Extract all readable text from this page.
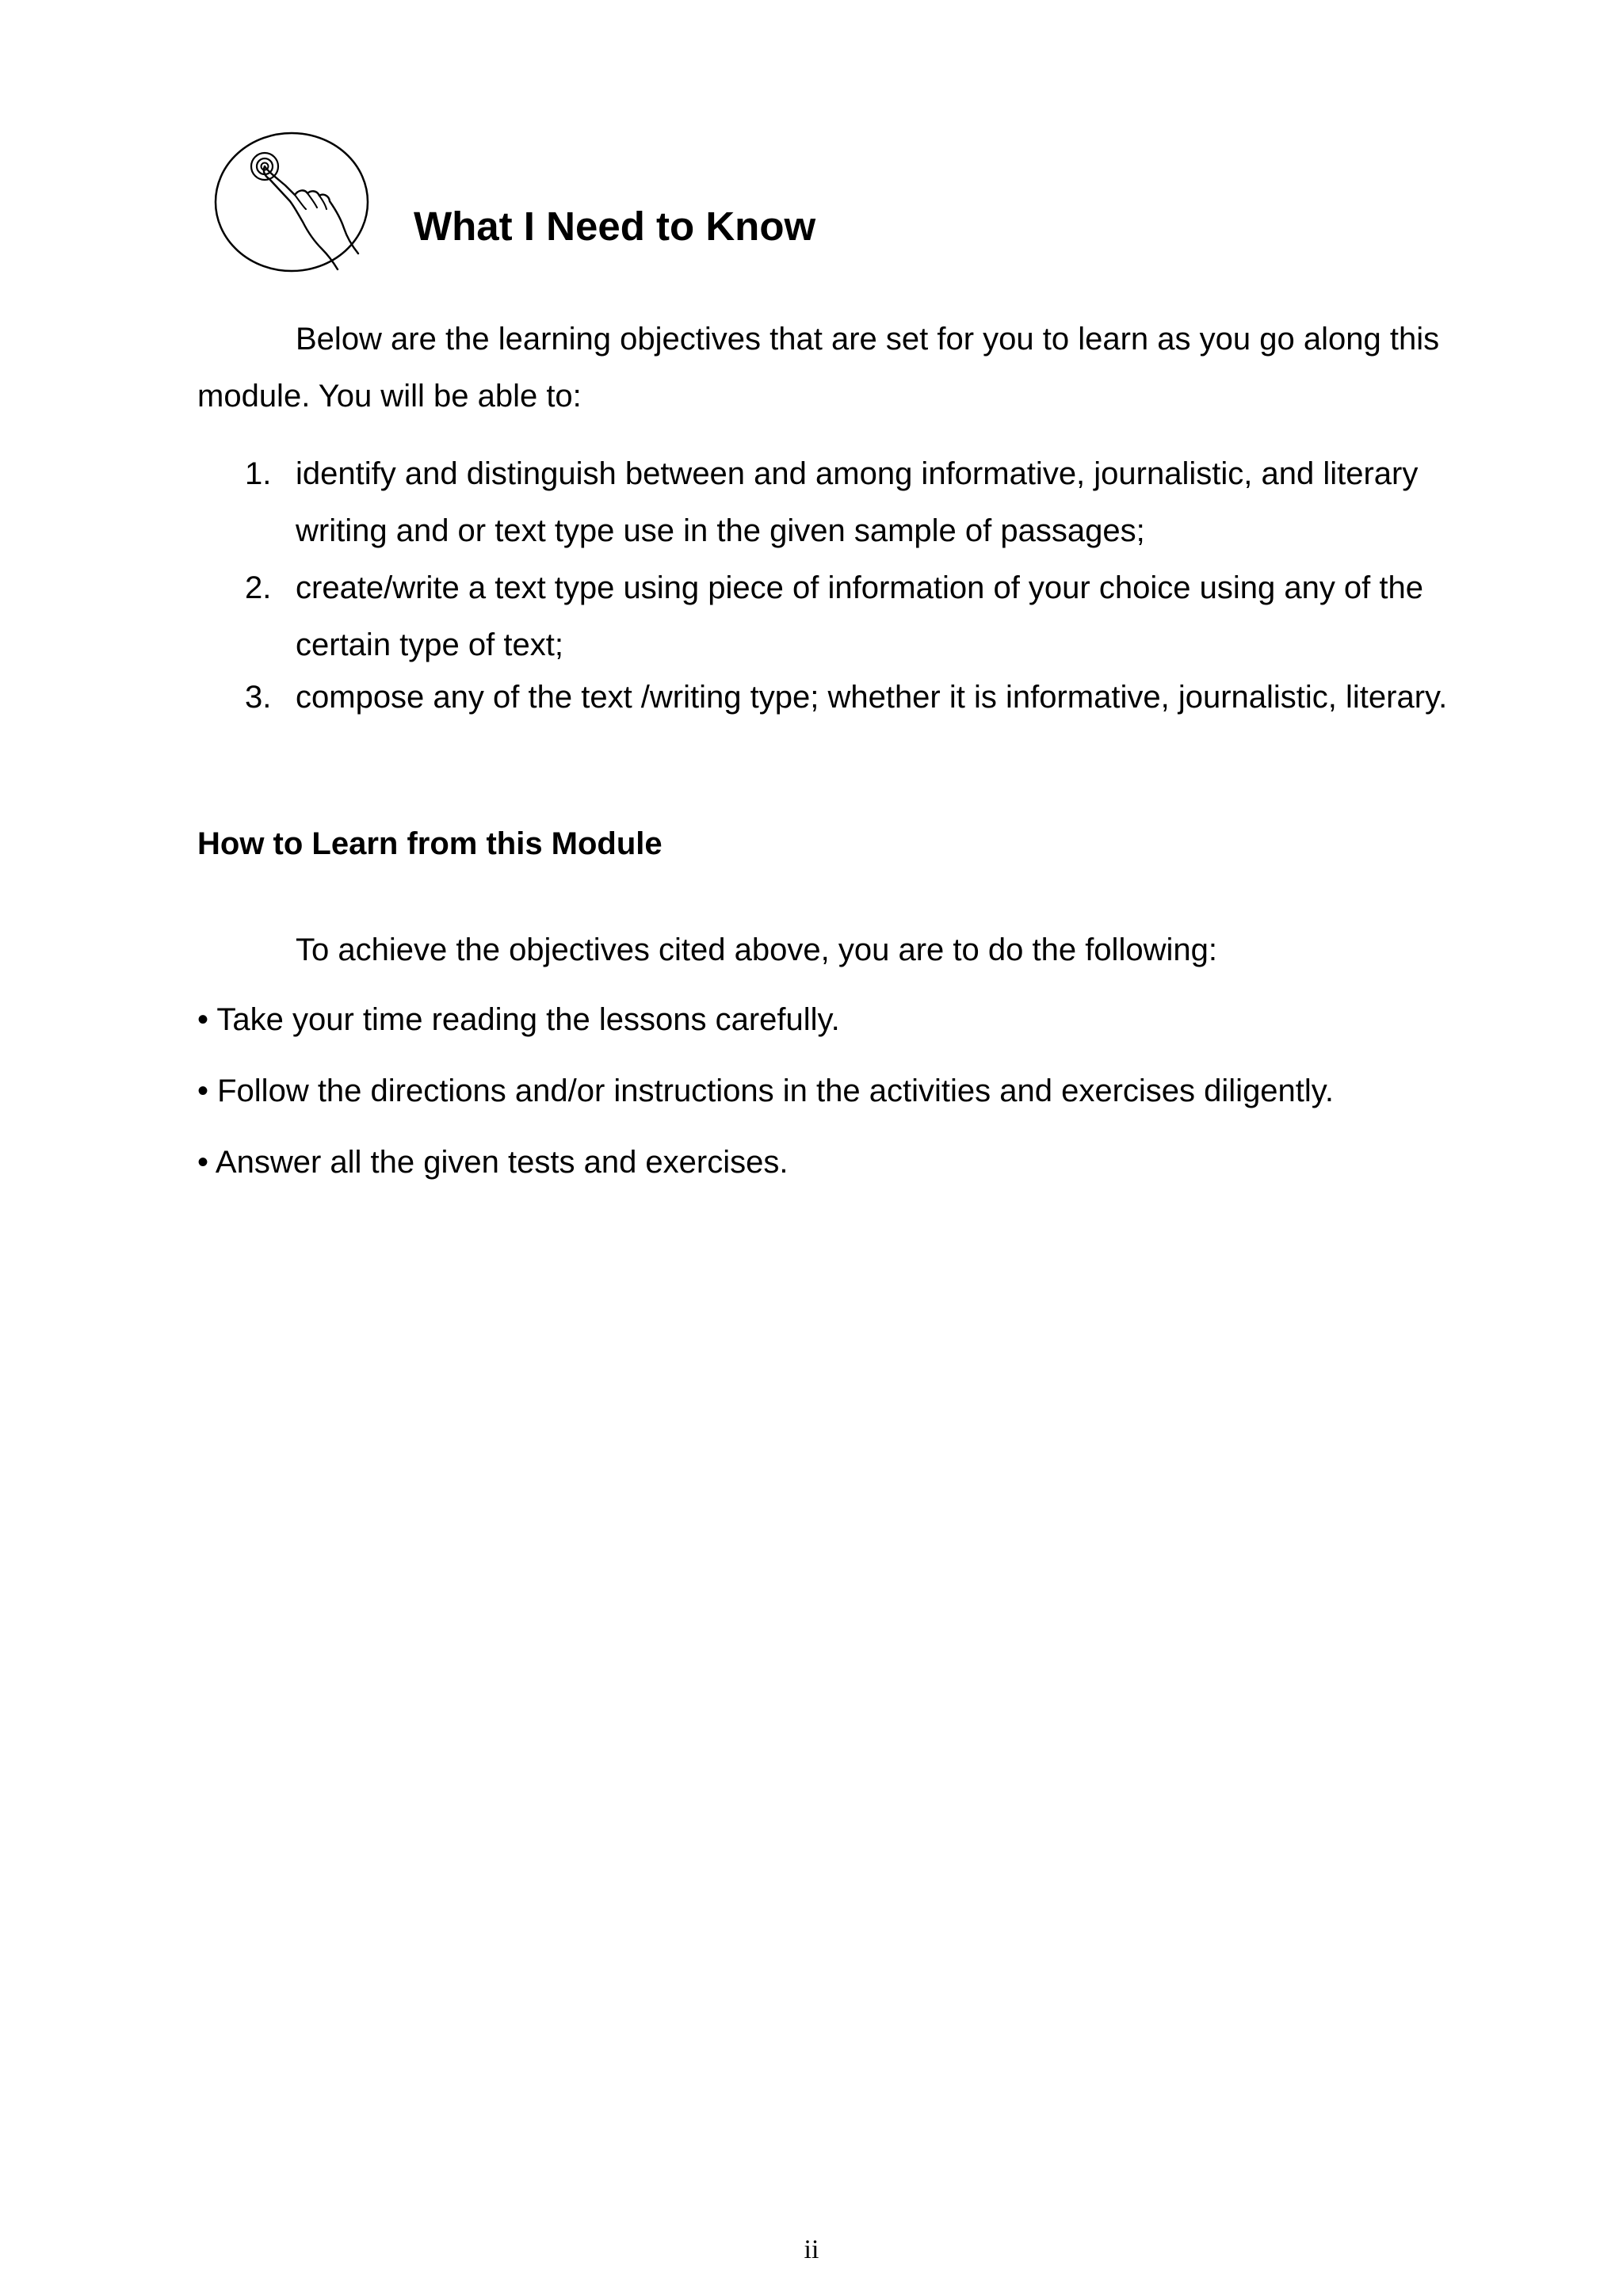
What I Need to Know

Below are the learning objectives that are set for you to learn as you go along this module. You will be able to:

1. identify and distinguish between and among informative, journalistic, and literary writing and or text type use in the given sample of passages;
2. create/write a text type using piece of information of your choice using any of the certain type of text;
3. compose any of the text /writing type; whether it is informative, journalistic, literary.
How to Learn from this Module

To achieve the objectives cited above, you are to do the following:

• Take your time reading the lessons carefully.
• Follow the directions and/or instructions in the activities and exercises diligently.
• Answer all the given tests and exercises.

ii
